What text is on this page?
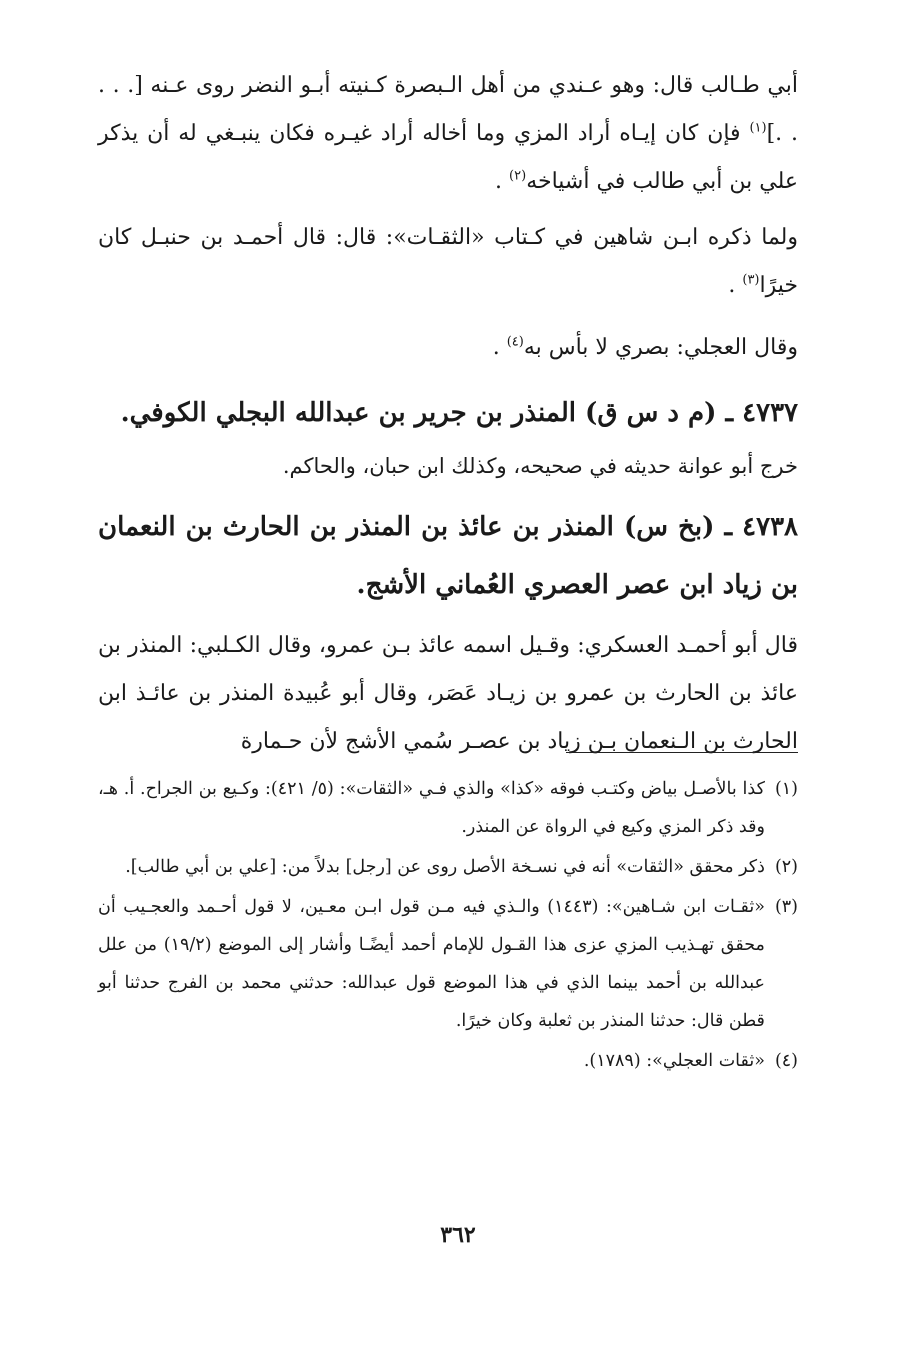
أبي طـالب قال: وهو عـندي من أهل الـبصرة كـنيته أبـو النضر روى عـنه [. . . . .]$^{(١)}$ فإن كان إيـاه أراد المزي وما أخاله أراد غيـره فكان ينبـغي له أن يذكر علي بن أبي طالب في أشياخه$^{(٢)}$ .

ولما ذكره ابـن شاهين في كـتاب «الثقـات»: قال: قال أحمـد بن حنبـل كان خيرًا$^{(٣)}$ .

وقال العجلي: بصري لا بأس به$^{(٤)}$ .

٤٧٣٧ ـ (م د س ق) المنذر بن جرير بن عبدالله البجلي الكوفي.

خرج أبو عوانة حديثه في صحيحه، وكذلك ابن حبان، والحاكم.

٤٧٣٨ ـ (بخ س) المنذر بن عائذ بن المنذر بن الحارث بن النعمان بن زياد ابن عصر العصري العُماني الأشج.

قال أبو أحمـد العسكري: وقـيل اسمه عائذ بـن عمرو، وقال الكـلبي: المنذر بن عائذ بن الحارث بن عمرو بن زيـاد عَصَر، وقال أبو عُبيدة المنذر بن عائـذ ابن الحارث بن الـنعمان بـن زياد بن عصـر سُمي الأشج لأن حـمارة

(١)
كذا بالأصـل بياض وكتـب فوقه «كذا» والذي فـي «الثقات»: (٥/ ٤٢١): وكـيع بن الجراح. أ. هـ، وقد ذكر المزي وكيع في الرواة عن المنذر.
(٢)
ذكر محقق «الثقات» أنه في نسـخة الأصل روى عن [رجل] بدلاً من: [علي بن أبي طالب].
(٣)
«ثقـات ابن شـاهين»: (١٤٤٣) والـذي فيه مـن قول ابـن معـين، لا قول أحـمد والعجـيب أن محقق تهـذيب المزي عزى هذا القـول للإمام أحمد أيضًـا وأشار إلى الموضع (١٩/٢) من علل عبدالله بن أحمد بينما الذي في هذا الموضع قول عبدالله: حدثني محمد بن الفرج حدثنا أبو قطن قال: حدثنا المنذر بن ثعلبة وكان خيرًا.
(٤)
«ثقات العجلي»: (١٧٨٩).
٣٦٢
